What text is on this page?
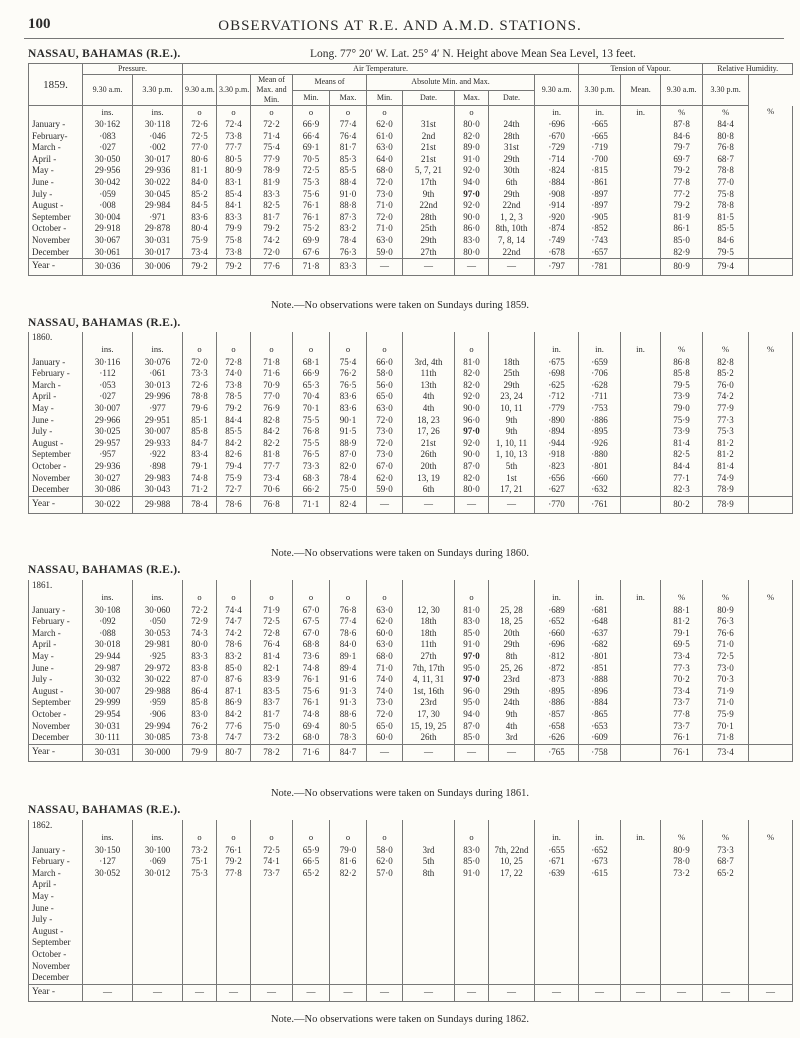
100	OBSERVATIONS AT R.E. AND A.M.D. STATIONS.
NASSAU, BAHAMAS (R.E.).	Long. 77° 20′ W. Lat. 25° 4′ N. Height above Mean Sea Level, 13 feet.
NASSAU, BAHAMAS (R.E.).
NASSAU, BAHAMAS (R.E.).
NASSAU, BAHAMAS (R.E.).
1859.	Pressure.		Air Temperature.										Tension of Vapour.			Relative Humidity.	
	9.30 a.m.	3.30 p.m.	9.30 a.m.	3.30 p.m.	Mean of Max. and Min.	Means of		Absolute Min. and Max.				9.30 a.m.	3.30 p.m.	Mean.	9.30 a.m.	3.30 p.m.	
						Min.	Max.	Min.	Date.	Max.	Date.						
	ins.	ins.	o	o	o	o	o	o		o		in.	in.	in.	%	%	%
January -	30·162	30·118	72·6	72·4	72·2	66·9	77·4	62·0	31st	80·0	24th	·696	·665		87·8	84·4	
February-	·083	·046	72·5	73·8	71·4	66·4	76·4	61·0	2nd	82·0	28th	·670	·665		84·6	80·8	
March -	·027	·002	77·0	77·7	75·4	69·1	81·7	63·0	21st	89·0	31st	·729	·719		79·7	76·8	
April -	30·050	30·017	80·6	80·5	77·9	70·5	85·3	64·0	21st	91·0	29th	·714	·700		69·7	68·7	
May -	29·956	29·936	81·1	80·9	78·9	72·5	85·5	68·0	5, 7, 21	92·0	30th	·824	·815		79·2	78·8	
June -	30·042	30·022	84·0	83·1	81·9	75·3	88·4	72·0	17th	94·0	6th	·884	·861		77·8	77·0	
July -	·059	30·045	85·2	85·4	83·3	75·6	91·0	73·0	9th	97·0	29th	·908	·897		77·2	75·8	
August -	·008	29·984	84·5	84·1	82·5	76·1	88·8	71·0	22nd	92·0	22nd	·914	·897		79·2	78·8	
September	30·004	·971	83·6	83·3	81·7	76·1	87·3	72·0	28th	90·0	1, 2, 3	·920	·905		81·9	81·5	
October -	29·918	29·878	80·4	79·9	79·2	75·2	83·2	71·0	25th	86·0	8th, 10th	·874	·852		86·1	85·5	
November	30·067	30·031	75·9	75·8	74·2	69·9	78·4	63·0	29th	83·0	7, 8, 14	·749	·743		85·0	84·6	
December	30·061	30·017	73·4	73·8	72·0	67·6	76·3	59·0	27th	80·0	22nd	·678	·657		82·9	79·5	
Year -	30·036	30·006	79·2	79·2	77·6	71·8	83·3	—	—	—	—	·797	·781		80·9	79·4	
Note.—No observations were taken on Sundays during 1859.
1860.																	
	ins.	ins.	o	o	o	o	o	o		o		in.	in.	in.	%	%	%
January -	30·116	30·076	72·0	72·8	71·8	68·1	75·4	66·0	3rd, 4th	81·0	18th	·675	·659		86·8	82·8	
February -	·112	·061	73·3	74·0	71·6	66·9	76·2	58·0	11th	82·0	25th	·698	·706		85·8	85·2	
March -	·053	30·013	72·6	73·8	70·9	65·3	76·5	56·0	13th	82·0	29th	·625	·628		79·5	76·0	
April -	·027	29·996	78·8	78·5	77·0	70·4	83·6	65·0	4th	92·0	23, 24	·712	·711		73·9	74·2	
May -	30·007	·977	79·6	79·2	76·9	70·1	83·6	63·0	4th	90·0	10, 11	·779	·753		79·0	77·9	
June -	29·966	29·951	85·1	84·4	82·8	75·5	90·1	72·0	18, 23	96·0	9th	·890	·886		75·9	77·3	
July -	30·025	30·007	85·8	85·5	84·2	76·8	91·5	73·0	17, 26	97·0	9th	·894	·895		73·9	75·3	
August -	29·957	29·933	84·7	84·2	82·2	75·5	88·9	72·0	21st	92·0	1, 10, 11	·944	·926		81·4	81·2	
September	·957	·922	83·4	82·6	81·8	76·5	87·0	73·0	26th	90·0	1, 10, 13	·918	·880		82·5	81·2	
October -	29·936	·898	79·1	79·4	77·7	73·3	82·0	67·0	20th	87·0	5th	·823	·801		84·4	81·4	
November	30·027	29·983	74·8	75·9	73·4	68·3	78·4	62·0	13, 19	82·0	1st	·656	·660		77·1	74·9	
December	30·086	30·043	71·2	72·7	70·6	66·2	75·0	59·0	6th	80·0	17, 21	·627	·632		82·3	78·9	
Year -	30·022	29·988	78·4	78·6	76·8	71·1	82·4	—	—	—	—	·770	·761		80·2	78·9	
Note.—No observations were taken on Sundays during 1860.
1861.																	
	ins.	ins.	o	o	o	o	o	o		o		in.	in.	in.	%	%	%
January -	30·108	30·060	72·2	74·4	71·9	67·0	76·8	63·0	12, 30	81·0	25, 28	·689	·681		88·1	80·9	
February -	·092	·050	72·9	74·7	72·5	67·5	77·4	62·0	18th	83·0	18, 25	·652	·648		81·2	76·3	
March -	·088	30·053	74·3	74·2	72·8	67·0	78·6	60·0	18th	85·0	20th	·660	·637		79·1	76·6	
April -	30·018	29·981	80·0	78·6	76·4	68·8	84·0	63·0	11th	91·0	29th	·696	·682		69·5	71·0	
May -	29·944	·925	83·3	83·2	81·4	73·6	89·1	68·0	27th	97·0	8th	·812	·801		73·4	72·5	
June -	29·987	29·972	83·8	85·0	82·1	74·8	89·4	71·0	7th, 17th	95·0	25, 26	·872	·851		77·3	73·0	
July -	30·032	30·022	87·0	87·6	83·9	76·1	91·6	74·0	4, 11, 31	97·0	23rd	·873	·888		70·2	70·3	
August -	30·007	29·988	86·4	87·1	83·5	75·6	91·3	74·0	1st, 16th	96·0	29th	·895	·896		73·4	71·9	
September	29·999	·959	85·8	86·9	83·7	76·1	91·3	73·0	23rd	95·0	24th	·886	·884		73·7	71·0	
October -	29·954	·906	83·0	84·2	81·7	74·8	88·6	72·0	17, 30	94·0	9th	·857	·865		77·8	75·9	
November	30·031	29·994	76·2	77·6	75·0	69·4	80·5	65·0	15, 19, 25	87·0	4th	·658	·653		73·7	70·1	
December	30·111	30·085	73·8	74·7	73·2	68·0	78·3	60·0	26th	85·0	3rd	·626	·609		76·1	71·8	
Year -	30·031	30·000	79·9	80·7	78·2	71·6	84·7	—	—	—	—	·765	·758		76·1	73·4	
Note.—No observations were taken on Sundays during 1861.
1862.																	
	ins.	ins.	o	o	o	o	o	o		o		in.	in.	in.	%	%	%
January -	30·150	30·100	73·2	76·1	72·5	65·9	79·0	58·0	3rd	83·0	7th, 22nd	·655	·652		80·9	73·3	
February -	·127	·069	75·1	79·2	74·1	66·5	81·6	62·0	5th	85·0	10, 25	·671	·673		78·0	68·7	
March -	30·052	30·012	75·3	77·8	73·7	65·2	82·2	57·0	8th	91·0	17, 22	·639	·615		73·2	65·2	
April -																	
May -																	
June -																	
July -																	
August -																	
September																	
October -																	
November																	
December																	
Year -	—	—	—	—	—	—	—	—	—	—	—	—	—	—	—	—	—
Note.—No observations were taken on Sundays during 1862.
